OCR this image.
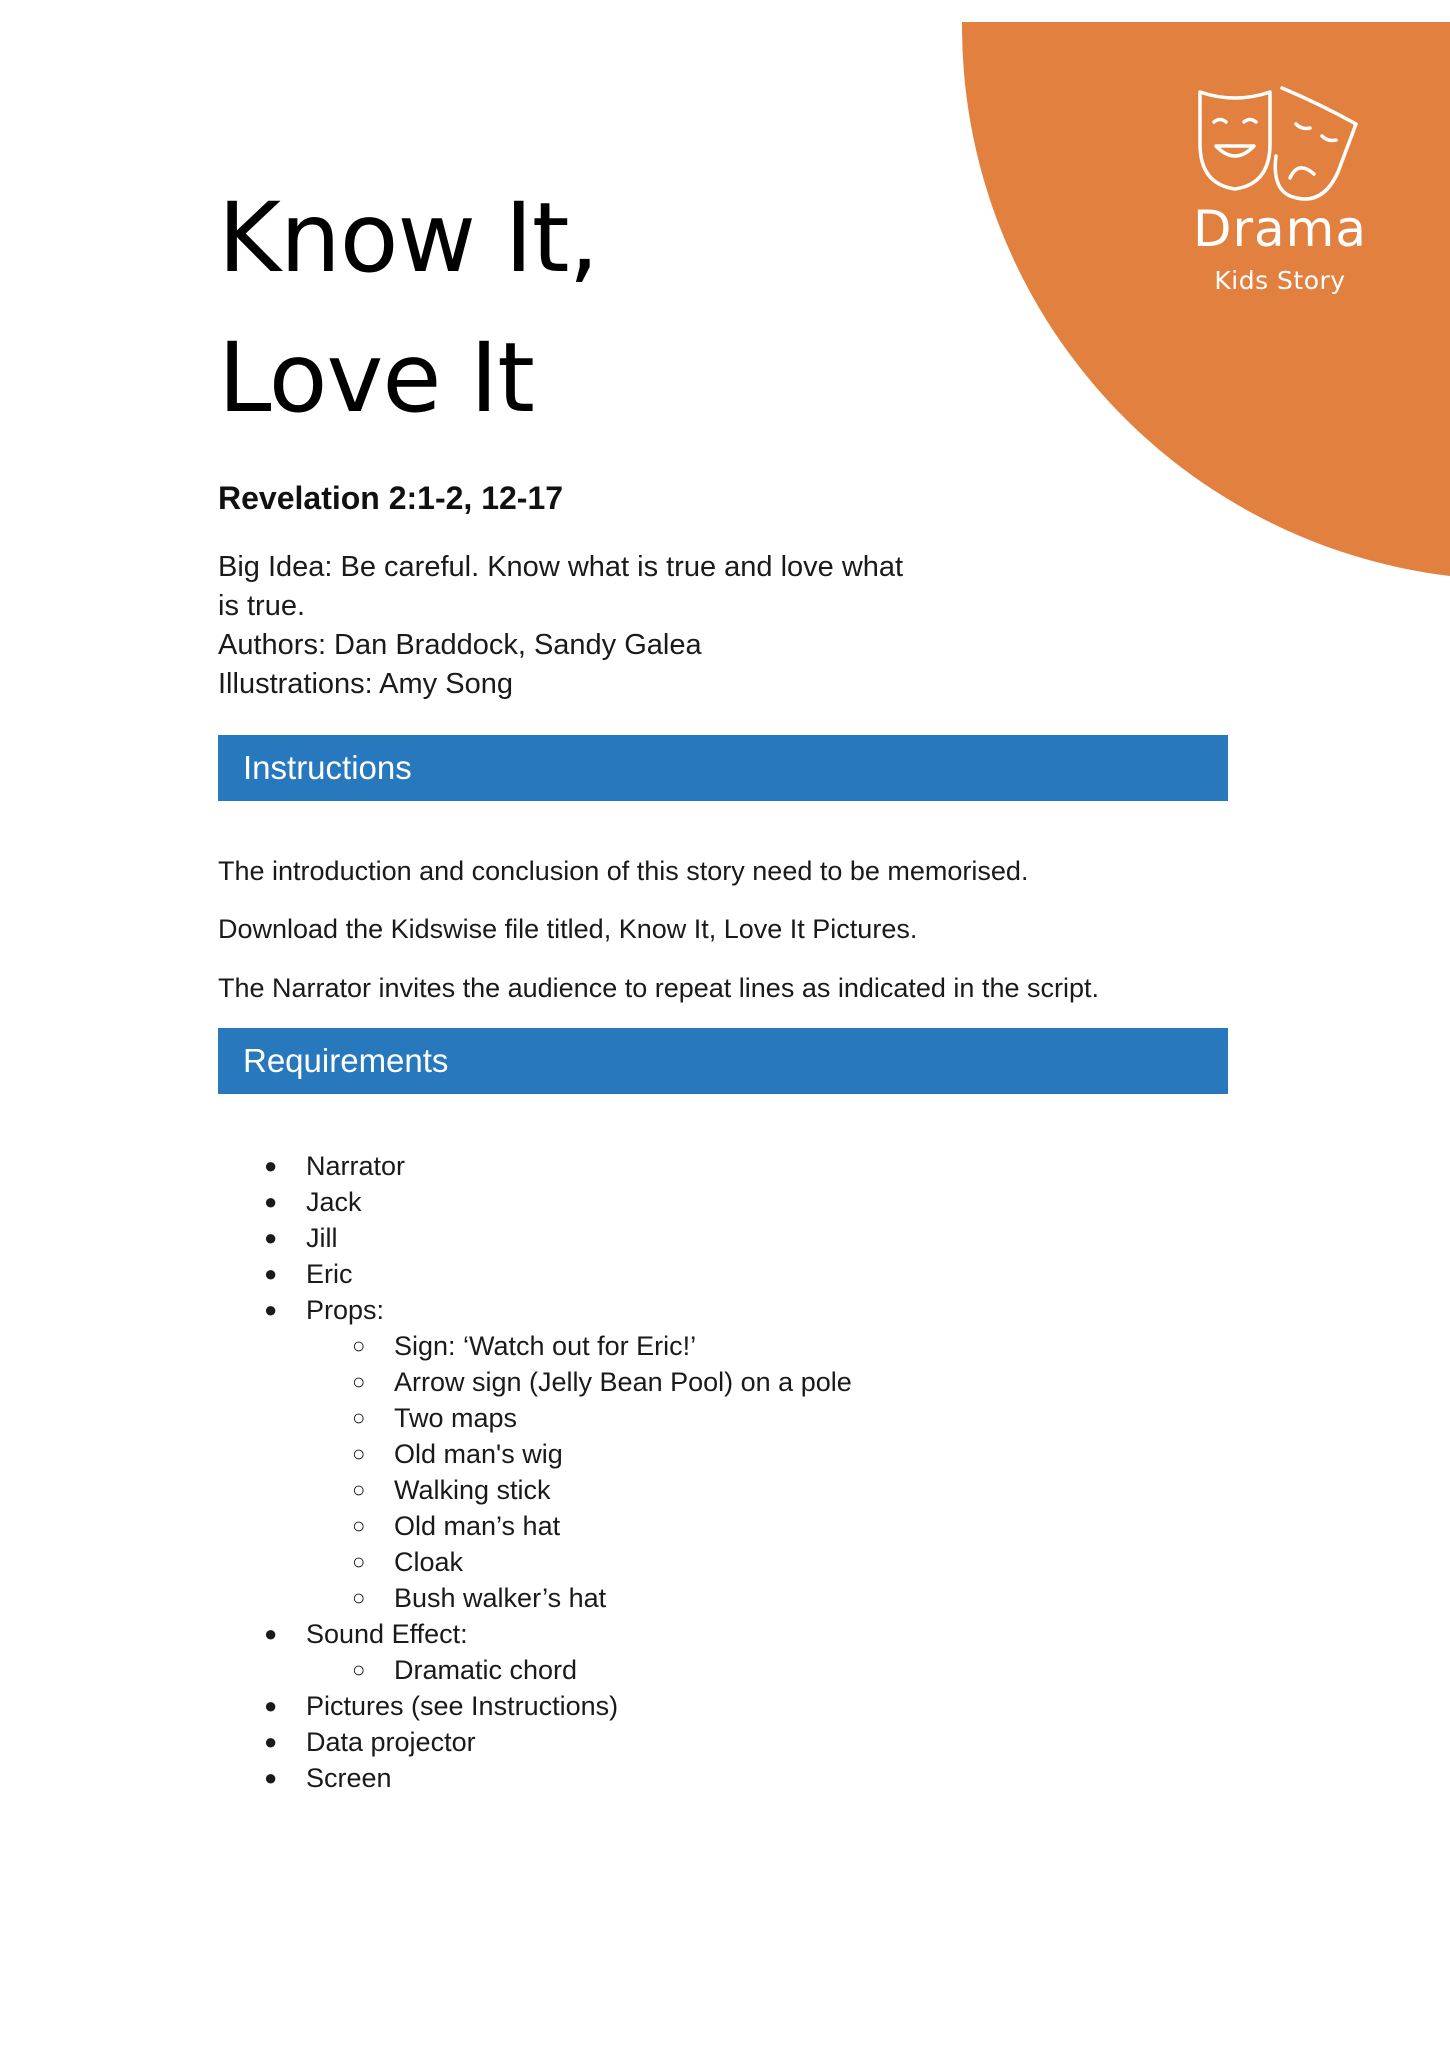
Drama
Kids Story
Know It,
Love It
Revelation 2:1-2, 12-17
Big Idea: Be careful. Know what is true and love what
is true.
Authors: Dan Braddock, Sandy Galea
Illustrations: Amy Song
Instructions
The introduction and conclusion of this story need to be memorised.
Download the Kidswise file titled, Know It, Love It Pictures.
The Narrator invites the audience to repeat lines as indicated in the script.
Requirements
● Narrator
● Jack
● Jill
● Eric
● Props:
○ Sign: ‘Watch out for Eric!’
○ Arrow sign (Jelly Bean Pool) on a pole
○ Two maps
○ Old man's wig
○ Walking stick
○ Old man’s hat
○ Cloak
○ Bush walker’s hat
● Sound Effect:
○ Dramatic chord
● Pictures (see Instructions)
● Data projector
● Screen
